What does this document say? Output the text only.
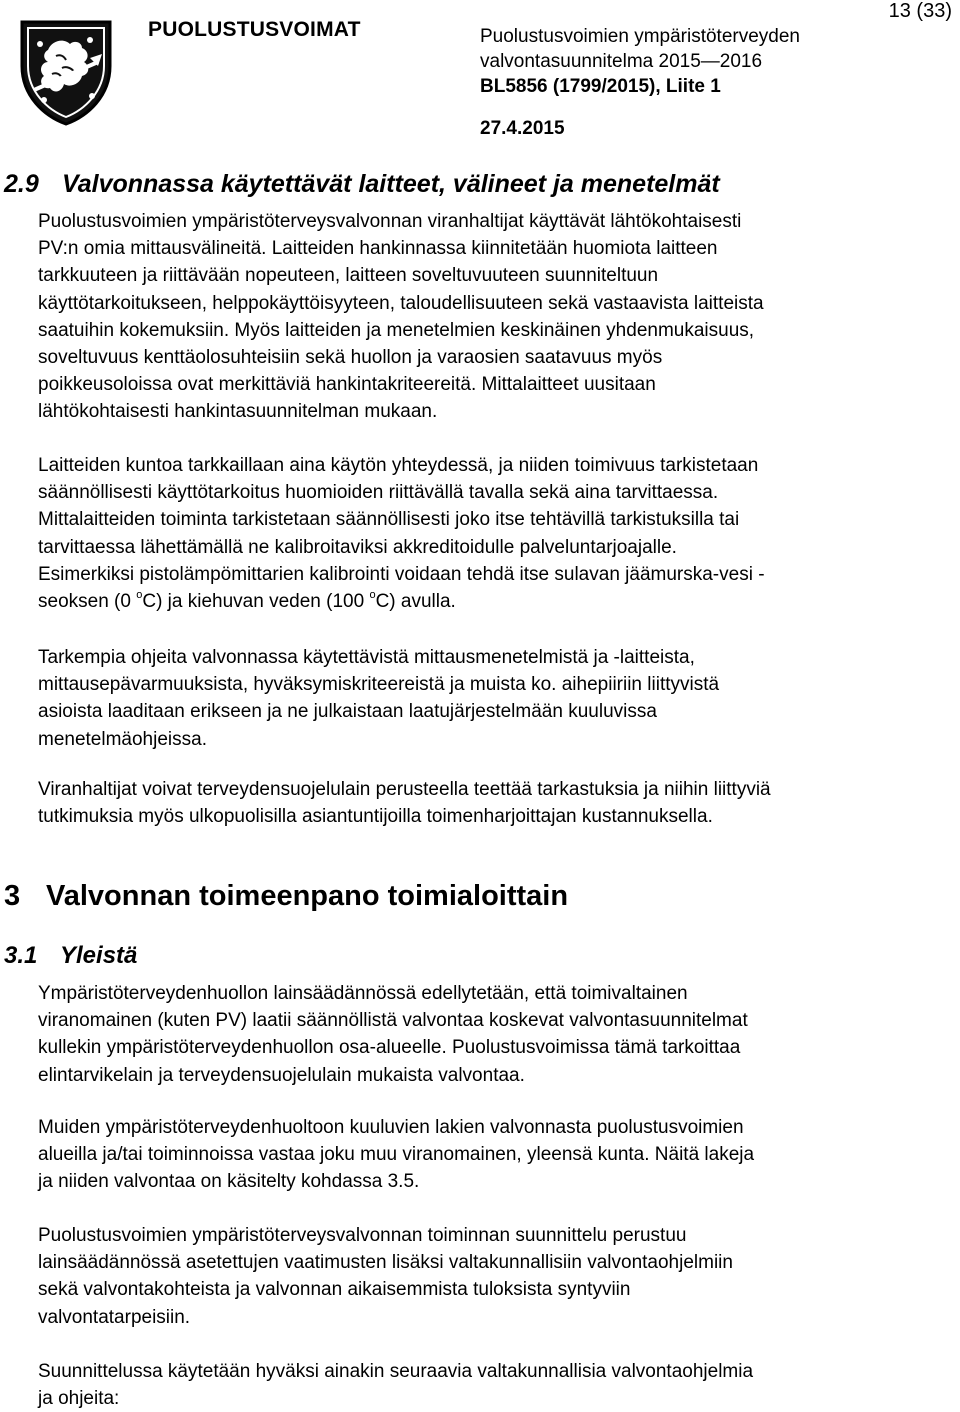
PUOLUSTUSVOIMAT	Puolustusvoimien ympäristöterveyden
valvontasuunnitelma 2015—2016
BL5856 (1799/2015), Liite 1
13 (33)
27.4.2015
2.9 Valvonnassa käytettävät laitteet, välineet ja menetelmät
Puolustusvoimien ympäristöterveysvalvonnan viranhaltijat käyttävät lähtökohtaisesti
PV:n omia mittausvälineitä. Laitteiden hankinnassa kiinnitetään huomiota laitteen
tarkkuuteen ja riittävään nopeuteen, laitteen soveltuvuuteen suunniteltuun
käyttötarkoitukseen, helppokäyttöisyyteen, taloudellisuuteen sekä vastaavista laitteista
saatuihin kokemuksiin. Myös laitteiden ja menetelmien keskinäinen yhdenmukaisuus,
soveltuvuus kenttäolosuhteisiin sekä huollon ja varaosien saatavuus myös
poikkeusoloissa ovat merkittäviä hankintakriteereitä. Mittalaitteet uusitaan
lähtökohtaisesti hankintasuunnitelman mukaan.
Laitteiden kuntoa tarkkaillaan aina käytön yhteydessä, ja niiden toimivuus tarkistetaan
säännöllisesti käyttötarkoitus huomioiden riittävällä tavalla sekä aina tarvittaessa.
Mittalaitteiden toiminta tarkistetaan säännöllisesti joko itse tehtävillä tarkistuksilla tai
tarvittaessa lähettämällä ne kalibroitaviksi akkreditoidulle palveluntarjoajalle.
Esimerkiksi pistolämpömittarien kalibrointi voidaan tehdä itse sulavan jäämurska-vesi -
seoksen (0 $^o$C) ja kiehuvan veden (100 $^o$C) avulla.
Tarkempia ohjeita valvonnassa käytettävistä mittausmenetelmistä ja -laitteista,
mittausepävarmuuksista, hyväksymiskriteereistä ja muista ko. aihepiiriin liittyvistä
asioista laaditaan erikseen ja ne julkaistaan laatujärjestelmään kuuluvissa
menetelmäohjeissa.
Viranhaltijat voivat terveydensuojelulain perusteella teettää tarkastuksia ja niihin liittyviä
tutkimuksia myös ulkopuolisilla asiantuntijoilla toimenharjoittajan kustannuksella.
3 Valvonnan toimeenpano toimialoittain
3.1 Yleistä
Ympäristöterveydenhuollon lainsäädännössä edellytetään, että toimivaltainen
viranomainen (kuten PV) laatii säännöllistä valvontaa koskevat valvontasuunnitelmat
kullekin ympäristöterveydenhuollon osa-alueelle. Puolustusvoimissa tämä tarkoittaa
elintarvikelain ja terveydensuojelulain mukaista valvontaa.
Muiden ympäristöterveydenhuoltoon kuuluvien lakien valvonnasta puolustusvoimien
alueilla ja/tai toiminnoissa vastaa joku muu viranomainen, yleensä kunta. Näitä lakeja
ja niiden valvontaa on käsitelty kohdassa 3.5.
Puolustusvoimien ympäristöterveysvalvonnan toiminnan suunnittelu perustuu
lainsäädännössä asetettujen vaatimusten lisäksi valtakunnallisiin valvontaohjelmiin
sekä valvontakohteista ja valvonnan aikaisemmista tuloksista syntyviin
valvontatarpeisiin.
Suunnittelussa käytetään hyväksi ainakin seuraavia valtakunnallisia valvontaohjelmia
ja ohjeita:
